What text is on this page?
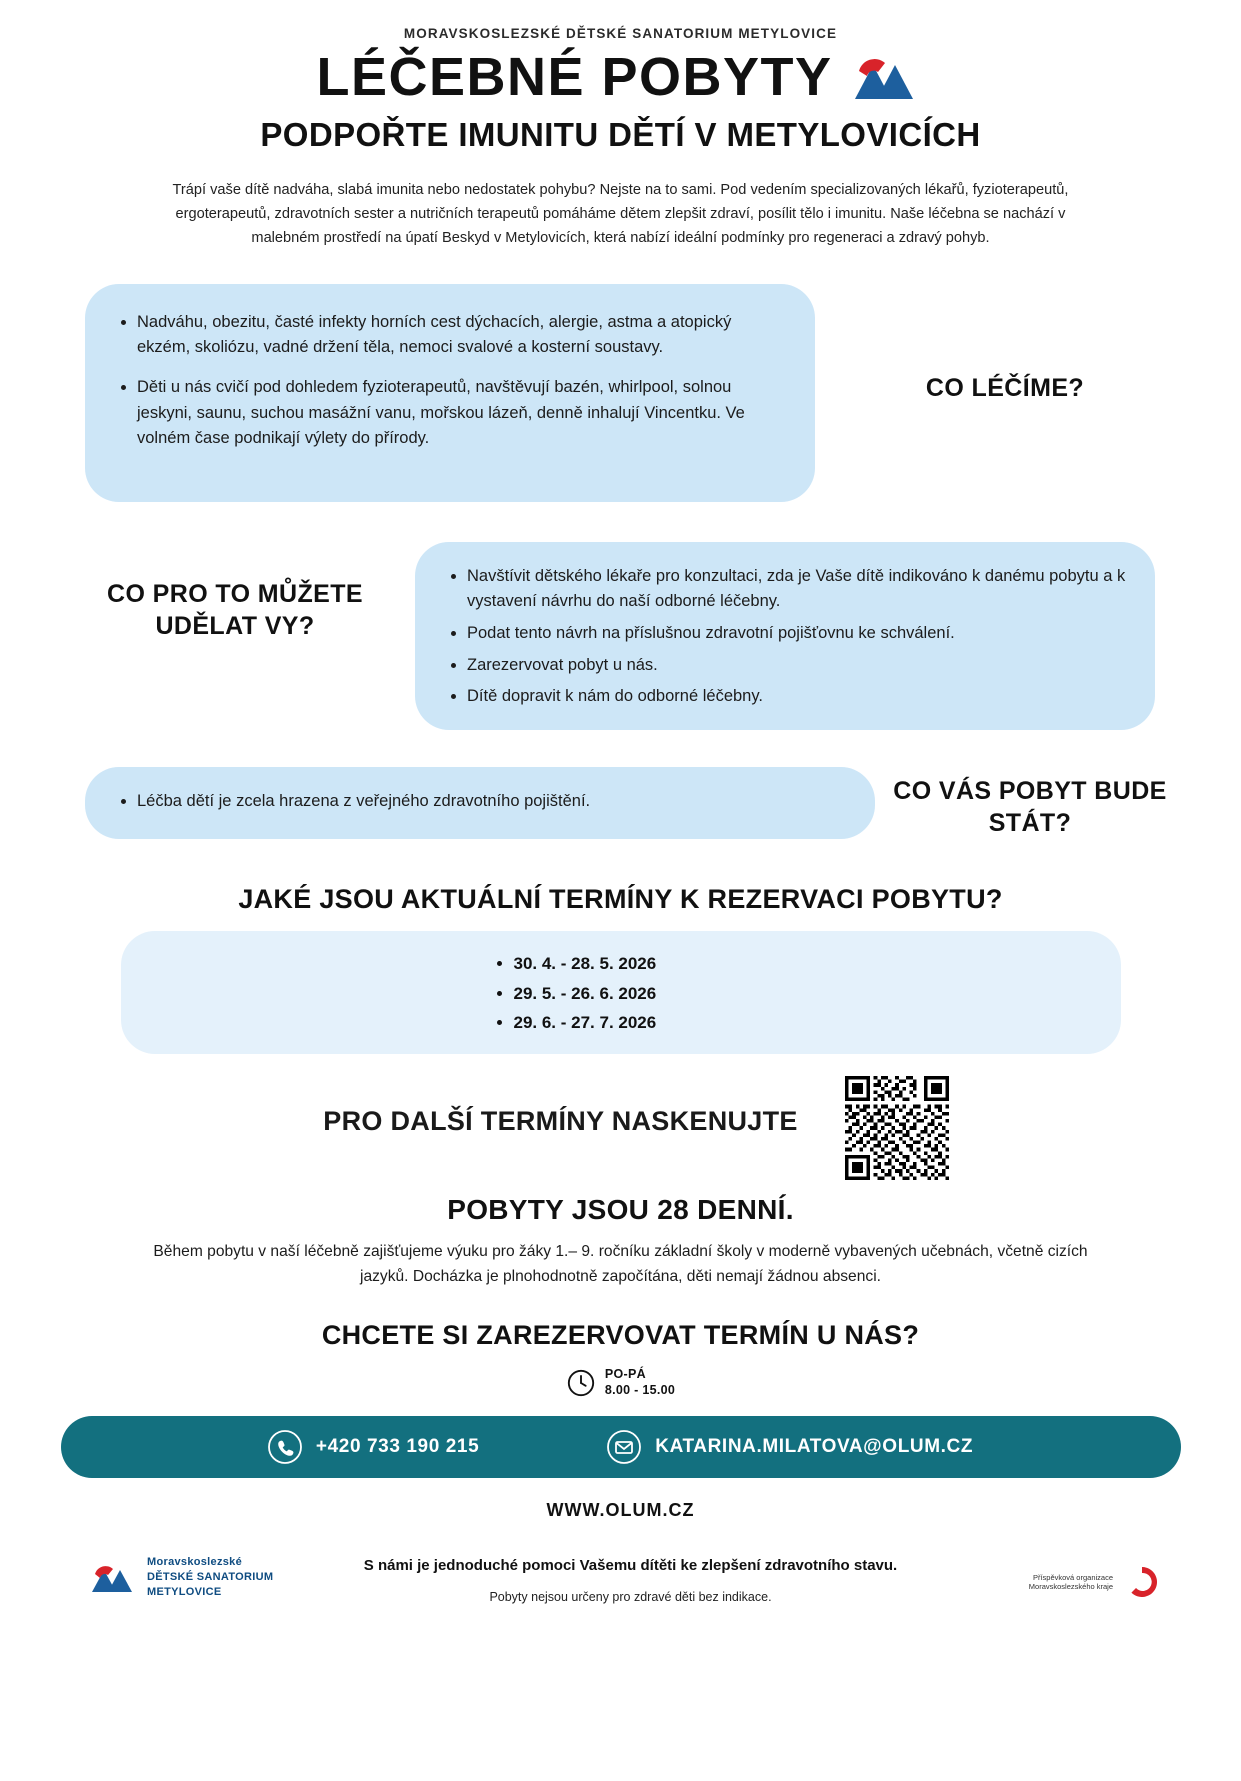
MORAVSKOSLEZSKÉ DĚTSKÉ SANATORIUM METYLOVICE
LÉČEBNÉ POBYTY
PODPOŘTE IMUNITU DĚTÍ V METYLOVICÍCH
Trápí vaše dítě nadváha, slabá imunita nebo nedostatek pohybu? Nejste na to sami. Pod vedením specializovaných lékařů, fyzioterapeutů, ergoterapeutů, zdravotních sester a nutričních terapeutů pomáháme dětem zlepšit zdraví, posílit tělo i imunitu. Naše léčebna se nachází v malebném prostředí na úpatí Beskyd v Metylovicích, která nabízí ideální podmínky pro regeneraci a zdravý pohyb.
• Nadváhu, obezitu, časté infekty horních cest dýchacích, alergie, astma a atopický ekzém, skoliózu, vadné držení těla, nemoci svalové a kosterní soustavy.
• Děti u nás cvičí pod dohledem fyzioterapeutů, navštěvují bazén, whirlpool, solnou jeskyni, saunu, suchou masážní vanu, mořskou lázeň, denně inhalují Vincentku. Ve volném čase podnikají výlety do přírody.
CO LÉČÍME?
• Navštívit dětského lékaře pro konzultaci, zda je Vaše dítě indikováno k danému pobytu a k vystavení návrhu do naší odborné léčebny.
• Podat tento návrh na příslušnou zdravotní pojišťovnu ke schválení.
• Zarezervovat pobyt u nás.
• Dítě dopravit k nám do odborné léčebny.
CO PRO TO MŮŽETE UDĚLAT VY?
• Léčba dětí je zcela hrazena z veřejného zdravotního pojištění.	CO VÁS POBYT BUDE STÁT?
JAKÉ JSOU AKTUÁLNÍ TERMÍNY K REZERVACI POBYTU?
• 30. 4. - 28. 5. 2026
• 29. 5. - 26. 6. 2026
• 29. 6. - 27. 7. 2026
PRO DALŠÍ TERMÍNY NASKENUJTE
POBYTY JSOU 28 DENNÍ.
Během pobytu v naší léčebně zajišťujeme výuku pro žáky 1.– 9. ročníku základní školy v moderně vybavených učebnách, včetně cizích jazyků. Docházka je plnohodnotně započítána, děti nemají žádnou absenci.
CHCETE SI ZAREZERVOVAT TERMÍN U NÁS?
PO-PÁ
8.00 - 15.00
+420 733 190 215	KATARINA.MILATOVA@OLUM.CZ
WWW.OLUM.CZ
Moravskoslezské
DĚTSKÉ SANATORIUM
METYLOVICE
S námi je jednoduché pomoci Vašemu dítěti ke zlepšení zdravotního stavu.
Pobyty nejsou určeny pro zdravé děti bez indikace.
Příspěvková organizace
Moravskoslezského kraje
